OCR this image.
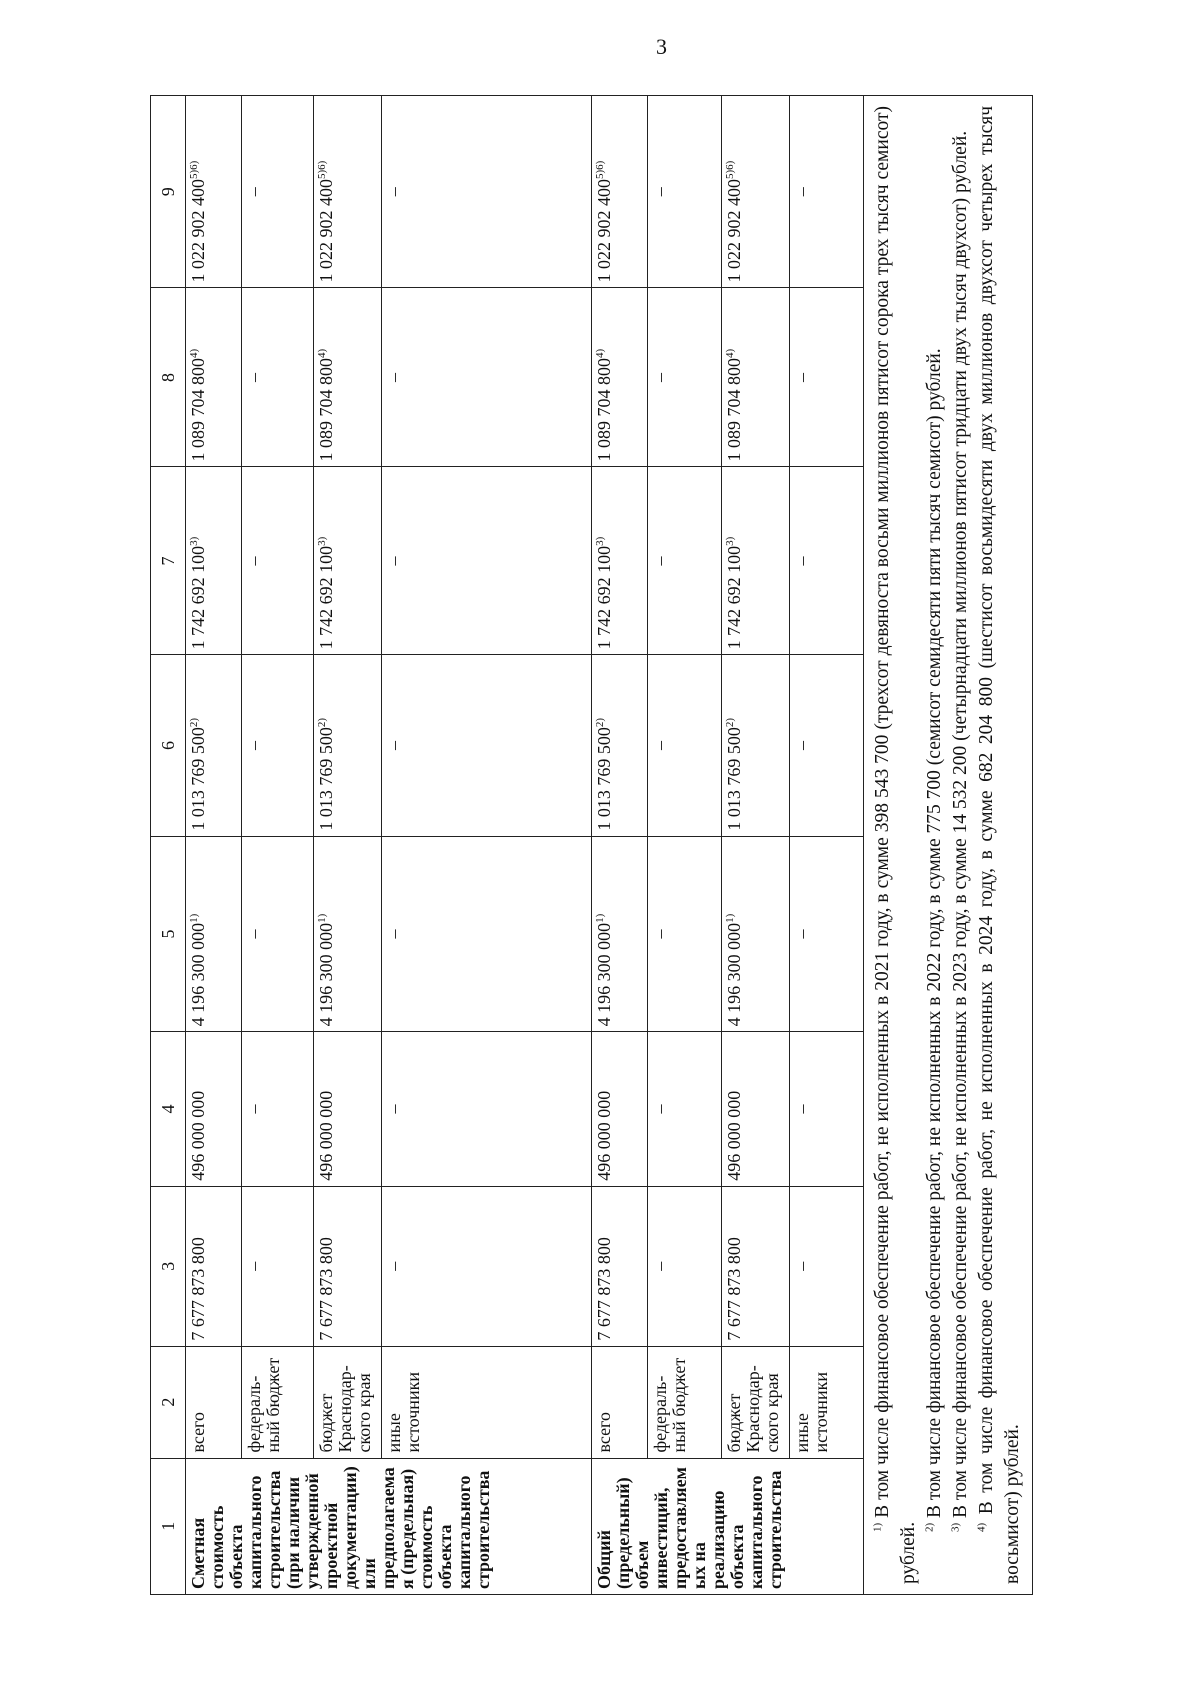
3
1	2	3	4	5	6	7	8	9
Сметная стоимость объекта капитального строительства (при наличии утвержденной проектной документации) или предполагаемая (предельная) стоимость объекта капитального строительства	всего	7 677 873 800	496 000 000	4 196 300 000$^{1)}$	1 013 769 500$^{2)}$	1 742 692 100$^{3)}$	1 089 704 800$^{4)}$	1 022 902 $400^{5)6)}$
	федераль-ный бюджет	–	–	–	–	–	–	–
	бюджет Краснодар-ского края	7 677 873 800	496 000 000	4 196 300 000$^{1)}$	1 013 769 500$^{2)}$	1 742 692 100$^{3)}$	1 089 704 800$^{4)}$	1 022 902 $400^{5)6)}$
	иные источники	–	–	–	–	–	–	–
Общий (предельный) объем инвестиций, предоставляемых на реализацию объекта капитального строительства	всего	7 677 873 800	496 000 000	4 196 300 000$^{1)}$	1 013 769 500$^{2)}$	1 742 692 100$^{3)}$	1 089 704 800$^{4)}$	1 022 902 $400^{5)6)}$
	федераль-ный бюджет	–	–	–	–	–	–	–
	бюджет Краснодар-ского края	7 677 873 800	496 000 000	4 196 300 000$^{1)}$	1 013 769 500$^{2)}$	1 742 692 100$^{3)}$	1 089 704 800$^{4)}$	1 022 902 $400^{5)6)}$
	иные источники	–	–	–	–	–	–	–

$^{1)}$ В том числе финансовое обеспечение работ, не исполненных в 2021 году, в сумме 398 543 700 (трехсот девяноста восьми миллионов пятисот сорока трех тысяч семисот) рублей. $^{2)}$ В том числе финансовое обеспечение работ, не исполненных в 2022 году, в сумме 775 700 (семисот семидесяти пяти тысяч семисот) рублей.

$^{3)}$ В том числе финансовое обеспечение работ, не исполненных в 2023 году, в сумме 14 532 200 (четырнадцати миллионов пятисот тридцати двух тысяч двухсот) рублей.

$^{4)}$ В том числе финансовое обеспечение работ, не исполненных в 2024 году, в сумме 682 204 800 (шестисот восьмидесяти двух миллионов двухсот четырех тысяч восьмисот) рублей.
